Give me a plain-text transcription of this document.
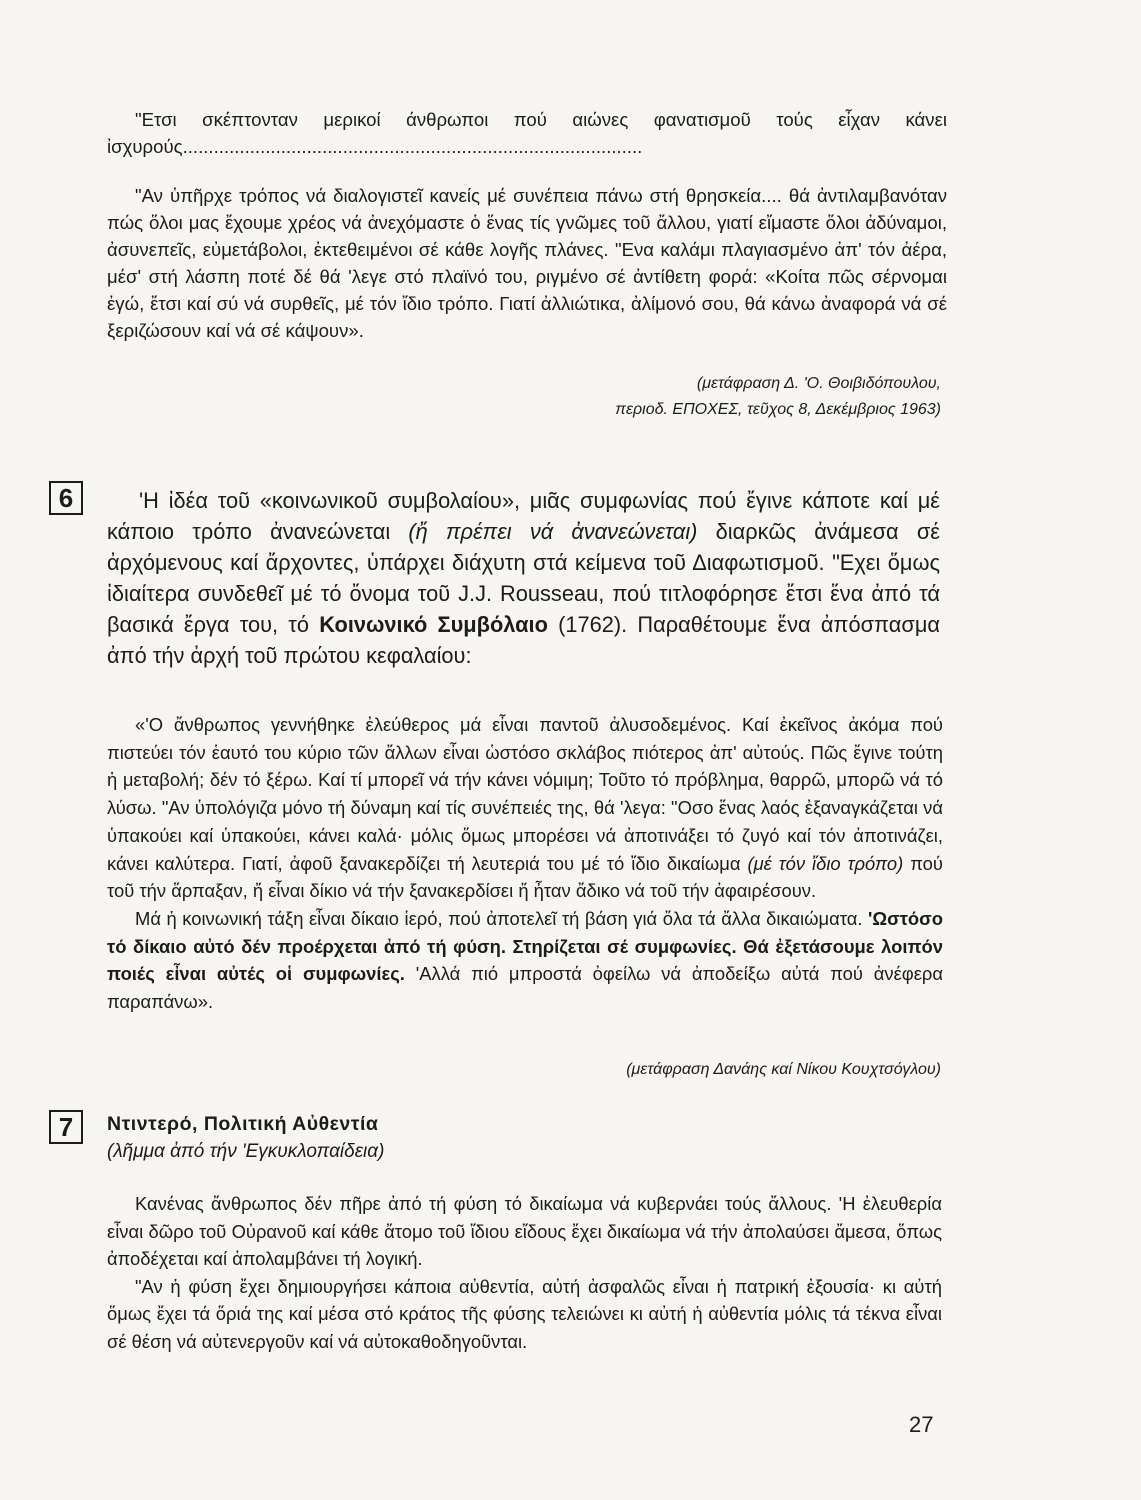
"Ετσι σκέπτονταν μερικοί άνθρωποι πού αιώνες φανατισμοῦ τούς εἶχαν κάνει ἰσχυρούς.........................................................................................

"Αν ὑπῆρχε τρόπος νά διαλογιστεῖ κανείς μέ συνέπεια πάνω στή θρησκεία.... θά ἀντιλαμβανόταν πώς ὅλοι μας ἔχουμε χρέος νά ἀνεχόμαστε ὁ ἕνας τίς γνῶμες τοῦ ἄλλου, γιατί εἴμαστε ὅλοι ἀδύναμοι, ἀσυνεπεῖς, εὐμετάβολοι, ἐκτεθειμένοι σέ κάθε λογῆς πλάνες. "Ενα καλάμι πλαγιασμένο ἀπ' τόν ἀέρα, μέσ' στή λάσπη ποτέ δέ θά 'λεγε στό πλαϊνό του, ριγμένο σέ ἀντίθετη φορά: «Κοίτα πῶς σέρνομαι ἐγώ, ἔτσι καί σύ νά συρθεῖς, μέ τόν ἴδιο τρόπο. Γιατί ἀλλιώτικα, ἀλίμονό σου, θά κάνω ἀναφορά νά σέ ξεριζώσουν καί νά σέ κάψουν».

(μετάφραση Δ. 'Ο. Θοιβιδόπουλου,
περιοδ. ΕΠΟΧΕΣ, τεῦχος 8, Δεκέμβριος 1963)
6	'Η ἰδέα τοῦ «κοινωνικοῦ συμβολαίου», μιᾶς συμφωνίας πού ἔγινε κάποτε καί μέ κάποιο τρόπο ἀνανεώνεται (ἤ πρέπει νά ἀνανεώνεται) διαρκῶς ἀνάμεσα σέ ἀρχόμενους καί ἄρχοντες, ὑπάρχει διάχυτη στά κείμενα τοῦ Διαφωτισμοῦ. "Εχει ὅμως ἰδιαίτερα συνδεθεῖ μέ τό ὄνομα τοῦ J.J. Rousseau, πού τιτλοφόρησε ἔτσι ἕνα ἀπό τά βασικά ἔργα του, τό Κοινωνικό Συμβόλαιο (1762). Παραθέτουμε ἕνα ἀπόσπασμα ἀπό τήν ἀρχή τοῦ πρώτου κεφαλαίου:

«'Ο ἄνθρωπος γεννήθηκε ἐλεύθερος μά εἶναι παντοῦ ἀλυσοδεμένος. Καί ἐκεῖνος ἀκόμα πού πιστεύει τόν ἑαυτό του κύριο τῶν ἄλλων εἶναι ὡστόσο σκλάβος πιότερος ἀπ' αὐτούς. Πῶς ἔγινε τούτη ἡ μεταβολή; δέν τό ξέρω. Καί τί μπορεῖ νά τήν κάνει νόμιμη; Τοῦτο τό πρόβλημα, θαρρῶ, μπορῶ νά τό λύσω. "Αν ὑπολόγιζα μόνο τή δύναμη καί τίς συνέπειές της, θά 'λεγα: "Οσο ἕνας λαός ἐξαναγκάζεται νά ὑπακούει καί ὑπακούει, κάνει καλά· μόλις ὅμως μπορέσει νά ἀποτινάξει τό ζυγό καί τόν ἀποτινάζει, κάνει καλύτερα. Γιατί, ἀφοῦ ξανακερδίζει τή λευτεριά του μέ τό ἴδιο δικαίωμα (μέ τόν ἴδιο τρόπο) πού τοῦ τήν ἅρπαξαν, ἤ εἶναι δίκιο νά τήν ξανακερδίσει ἤ ἦταν ἄδικο νά τοῦ τήν ἀφαιρέσουν.

Μά ἡ κοινωνική τάξη εἶναι δίκαιο ἱερό, πού ἀποτελεῖ τή βάση γιά ὅλα τά ἄλλα δικαιώματα. 'Ωστόσο τό δίκαιο αὐτό δέν προέρχεται ἀπό τή φύση. Στηρίζεται σέ συμφωνίες. Θά ἐξετάσουμε λοιπόν ποιές εἶναι αὐτές οἱ συμφωνίες. 'Αλλά πιό μπροστά ὀφείλω νά ἀποδείξω αὐτά πού ἀνέφερα παραπάνω».

(μετάφραση Δανάης καί Νίκου Κουχτσόγλου)
7	Ντιντερό, Πολιτική Αὐθεντία
(λῆμμα ἀπό τήν 'Εγκυκλοπαίδεια)

Κανένας ἄνθρωπος δέν πῆρε ἀπό τή φύση τό δικαίωμα νά κυβερνάει τούς ἄλλους. 'Η ἐλευθερία εἶναι δῶρο τοῦ Οὐρανοῦ καί κάθε ἄτομο τοῦ ἴδιου εἴδους ἔχει δικαίωμα νά τήν ἀπολαύσει ἄμεσα, ὅπως ἀποδέχεται καί ἀπολαμβάνει τή λογική.

"Αν ἡ φύση ἔχει δημιουργήσει κάποια αὐθεντία, αὐτή ἀσφαλῶς εἶναι ἡ πατρική ἐξουσία· κι αὐτή ὅμως ἔχει τά ὅριά της καί μέσα στό κράτος τῆς φύσης τελειώνει κι αὐτή ἡ αὐθεντία μόλις τά τέκνα εἶναι σέ θέση νά αὐτενεργοῦν καί νά αὐτοκαθοδηγοῦνται.

27
